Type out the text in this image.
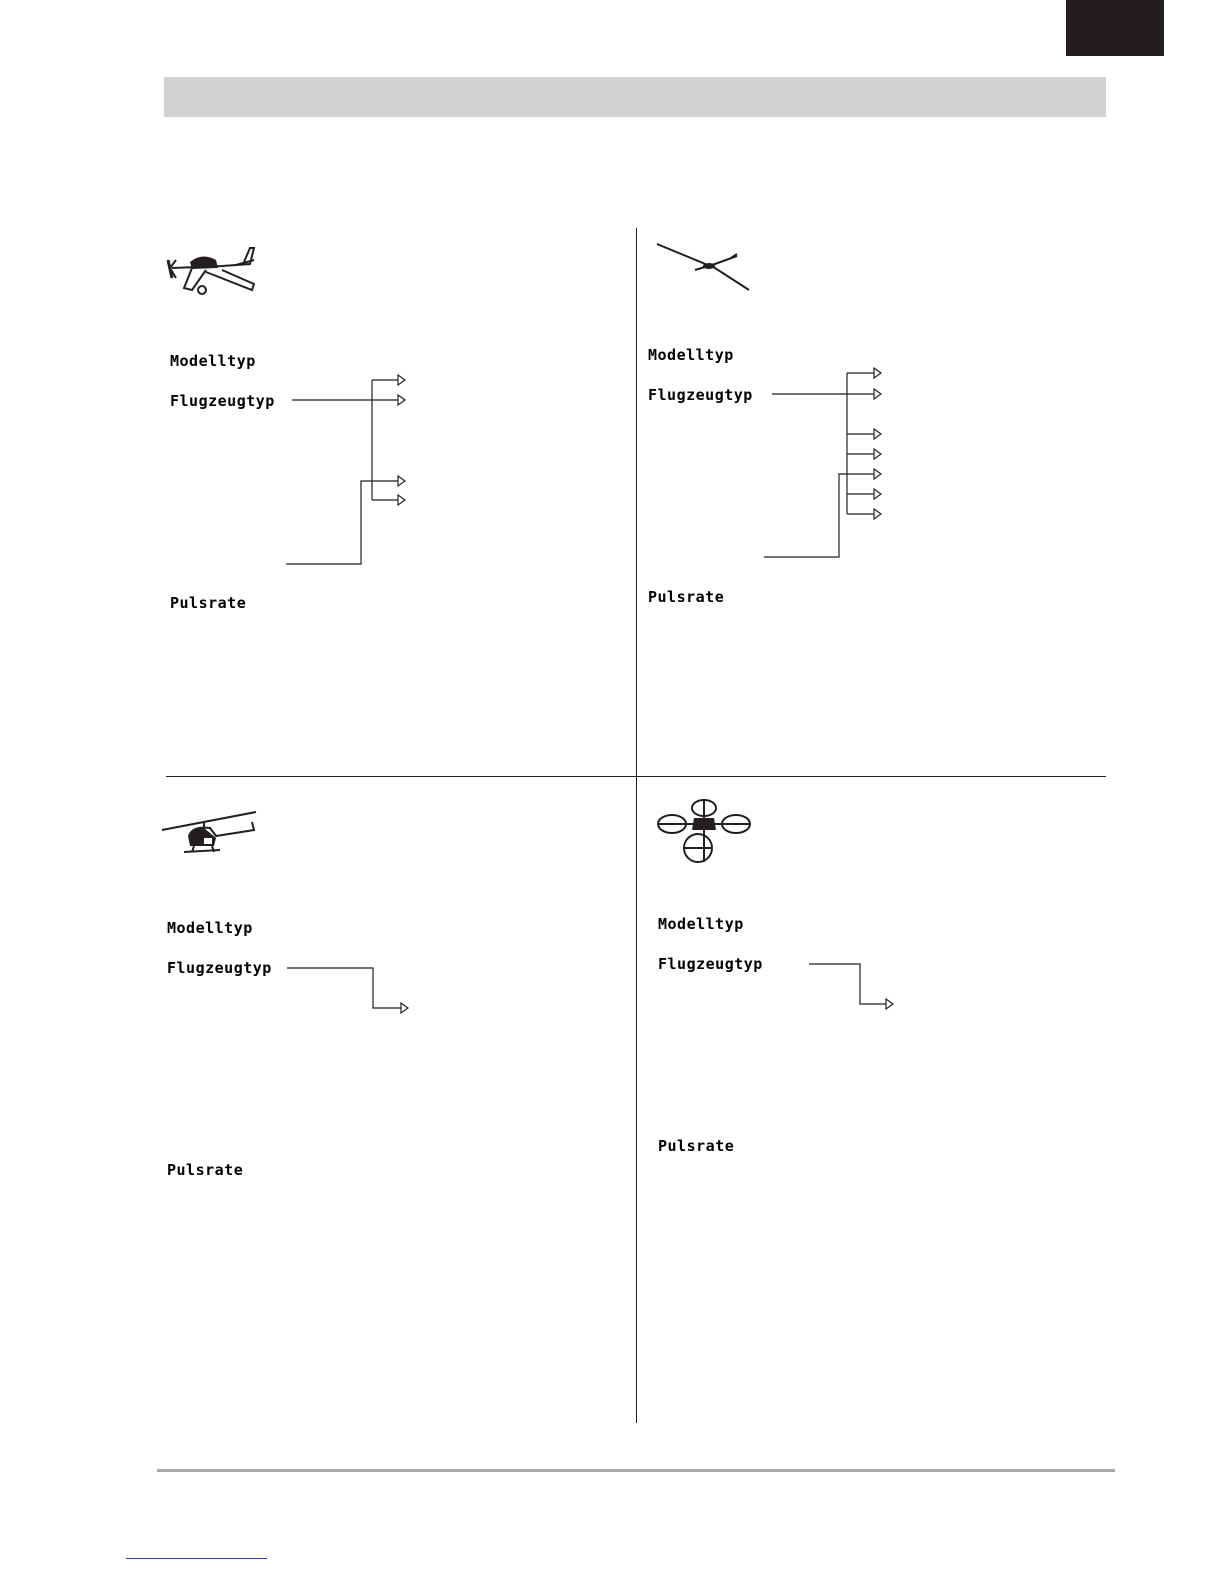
Modelltyp
Flugzeugtyp
Pulsrate
Modelltyp
Flugzeugtyp
Pulsrate
Modelltyp
Flugzeugtyp
Pulsrate
Modelltyp
Flugzeugtyp
Pulsrate
